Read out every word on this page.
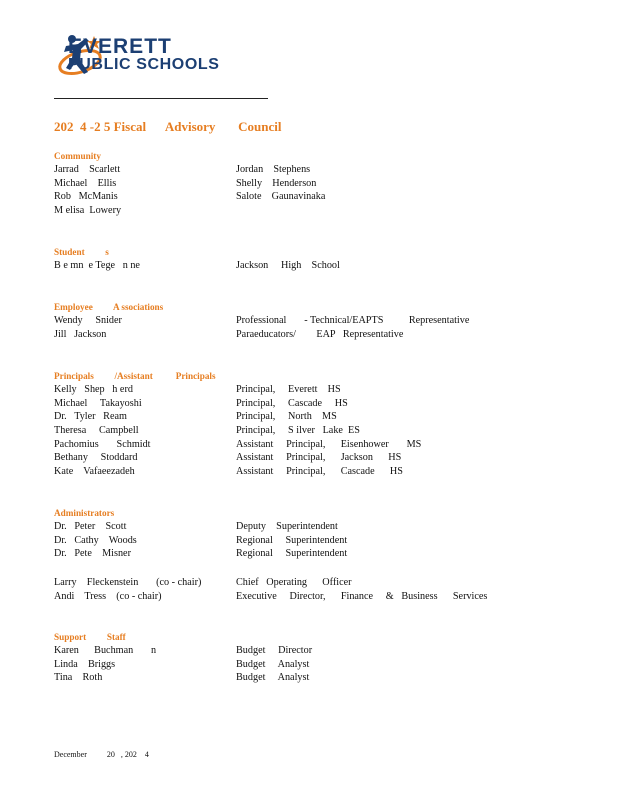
EVERETT
PUBLIC SCHOOLS
202  4 -2 5 Fiscal      Advisory       Council
Community
Jarrad    Scarlett	Jordan    Stephens
Michael    Ellis	Shelly    Henderson
Rob   McManis	Salote    Gaunavinaka
M elisa  Lowery
Student         s
B e mn  e Tege   n ne	Jackson     High    School
Employee         A ssociations
Wendy     Snider	Professional       - Technical/EAPTS          Representative
Jill   Jackson	Paraeducators/        EAP   Representative
Principals         /Assistant          Principals
Kelly   Shep   h erd	Principal,     Everett    HS
Michael     Takayoshi	Principal,     Cascade     HS
Dr.   Tyler   Ream	Principal,     North    MS
Theresa     Campbell	Principal,     S ilver   Lake  ES
Pachomius       Schmidt	Assistant     Principal,      Eisenhower       MS
Bethany     Stoddard	Assistant     Principal,      Jackson      HS
Kate    Vafaeezadeh	Assistant     Principal,      Cascade      HS
Administrators
Dr.   Peter    Scott	Deputy    Superintendent
Dr.   Cathy    Woods	Regional     Superintendent
Dr.   Pete    Misner	Regional     Superintendent
Larry    Fleckenstein       (co - chair)	Chief   Operating      Officer
Andi    Tress    (co - chair)	Executive     Director,      Finance     &   Business      Services
Support         Staff
Karen      Buchman       n	Budget     Director
Linda    Briggs	Budget     Analyst
Tina    Roth	Budget     Analyst
December          20   , 202    4
